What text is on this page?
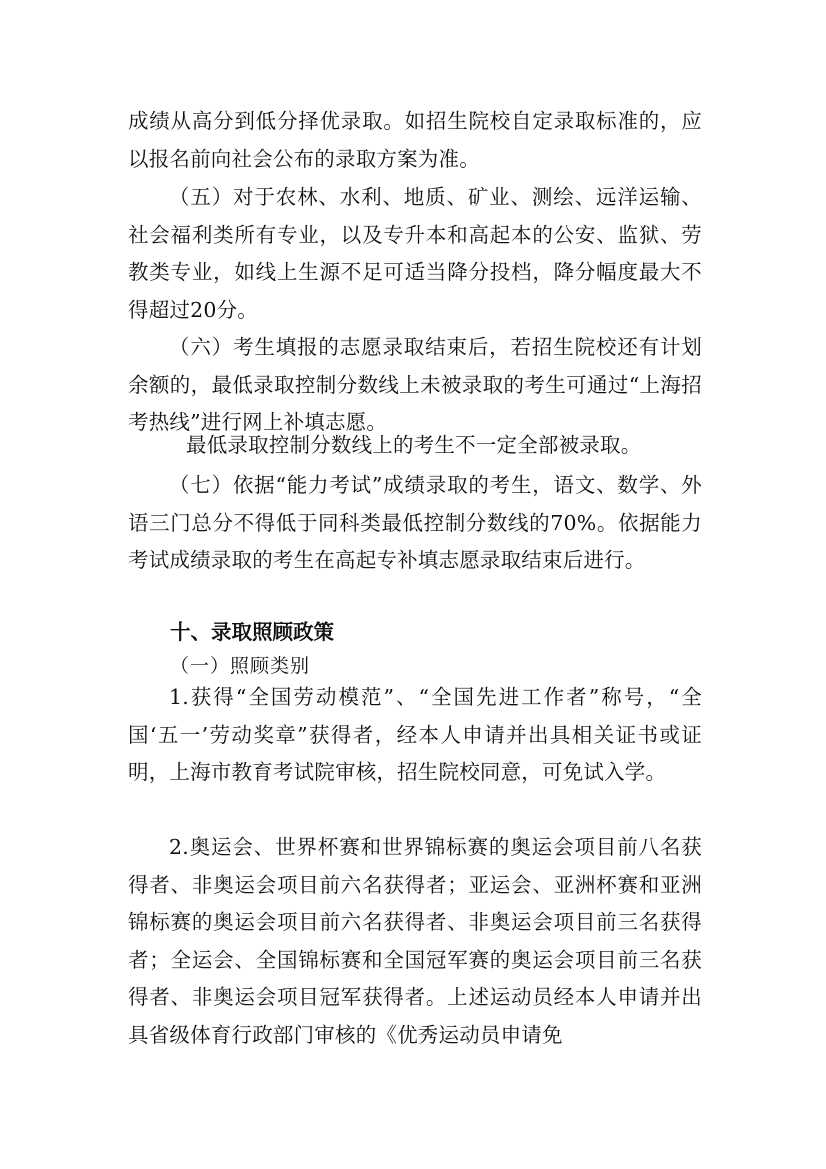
成绩从高分到低分择优录取。如招生院校自定录取标准的，应以报名前向社会公布的录取方案为准。

（五）对于农林、水利、地质、矿业、测绘、远洋运输、社会福利类所有专业，以及专升本和高起本的公安、监狱、劳教类专业，如线上生源不足可适当降分投档，降分幅度最大不得超过20分。

（六）考生填报的志愿录取结束后，若招生院校还有计划余额的，最低录取控制分数线上未被录取的考生可通过“上海招考热线”进行网上补填志愿。

最低录取控制分数线上的考生不一定全部被录取。

（七）依据“能力考试”成绩录取的考生，语文、数学、外语三门总分不得低于同科类最低控制分数线的70%。依据能力考试成绩录取的考生在高起专补填志愿录取结束后进行。

十、录取照顾政策

（一）照顾类别

1.获得“全国劳动模范”、“全国先进工作者”称号，“全国‘五一’劳动奖章”获得者，经本人申请并出具相关证书或证明，上海市教育考试院审核，招生院校同意，可免试入学。

2.奥运会、世界杯赛和世界锦标赛的奥运会项目前八名获得者、非奥运会项目前六名获得者；亚运会、亚洲杯赛和亚洲锦标赛的奥运会项目前六名获得者、非奥运会项目前三名获得者；全运会、全国锦标赛和全国冠军赛的奥运会项目前三名获得者、非奥运会项目冠军获得者。上述运动员经本人申请并出具省级体育行政部门审核的《优秀运动员申请免
